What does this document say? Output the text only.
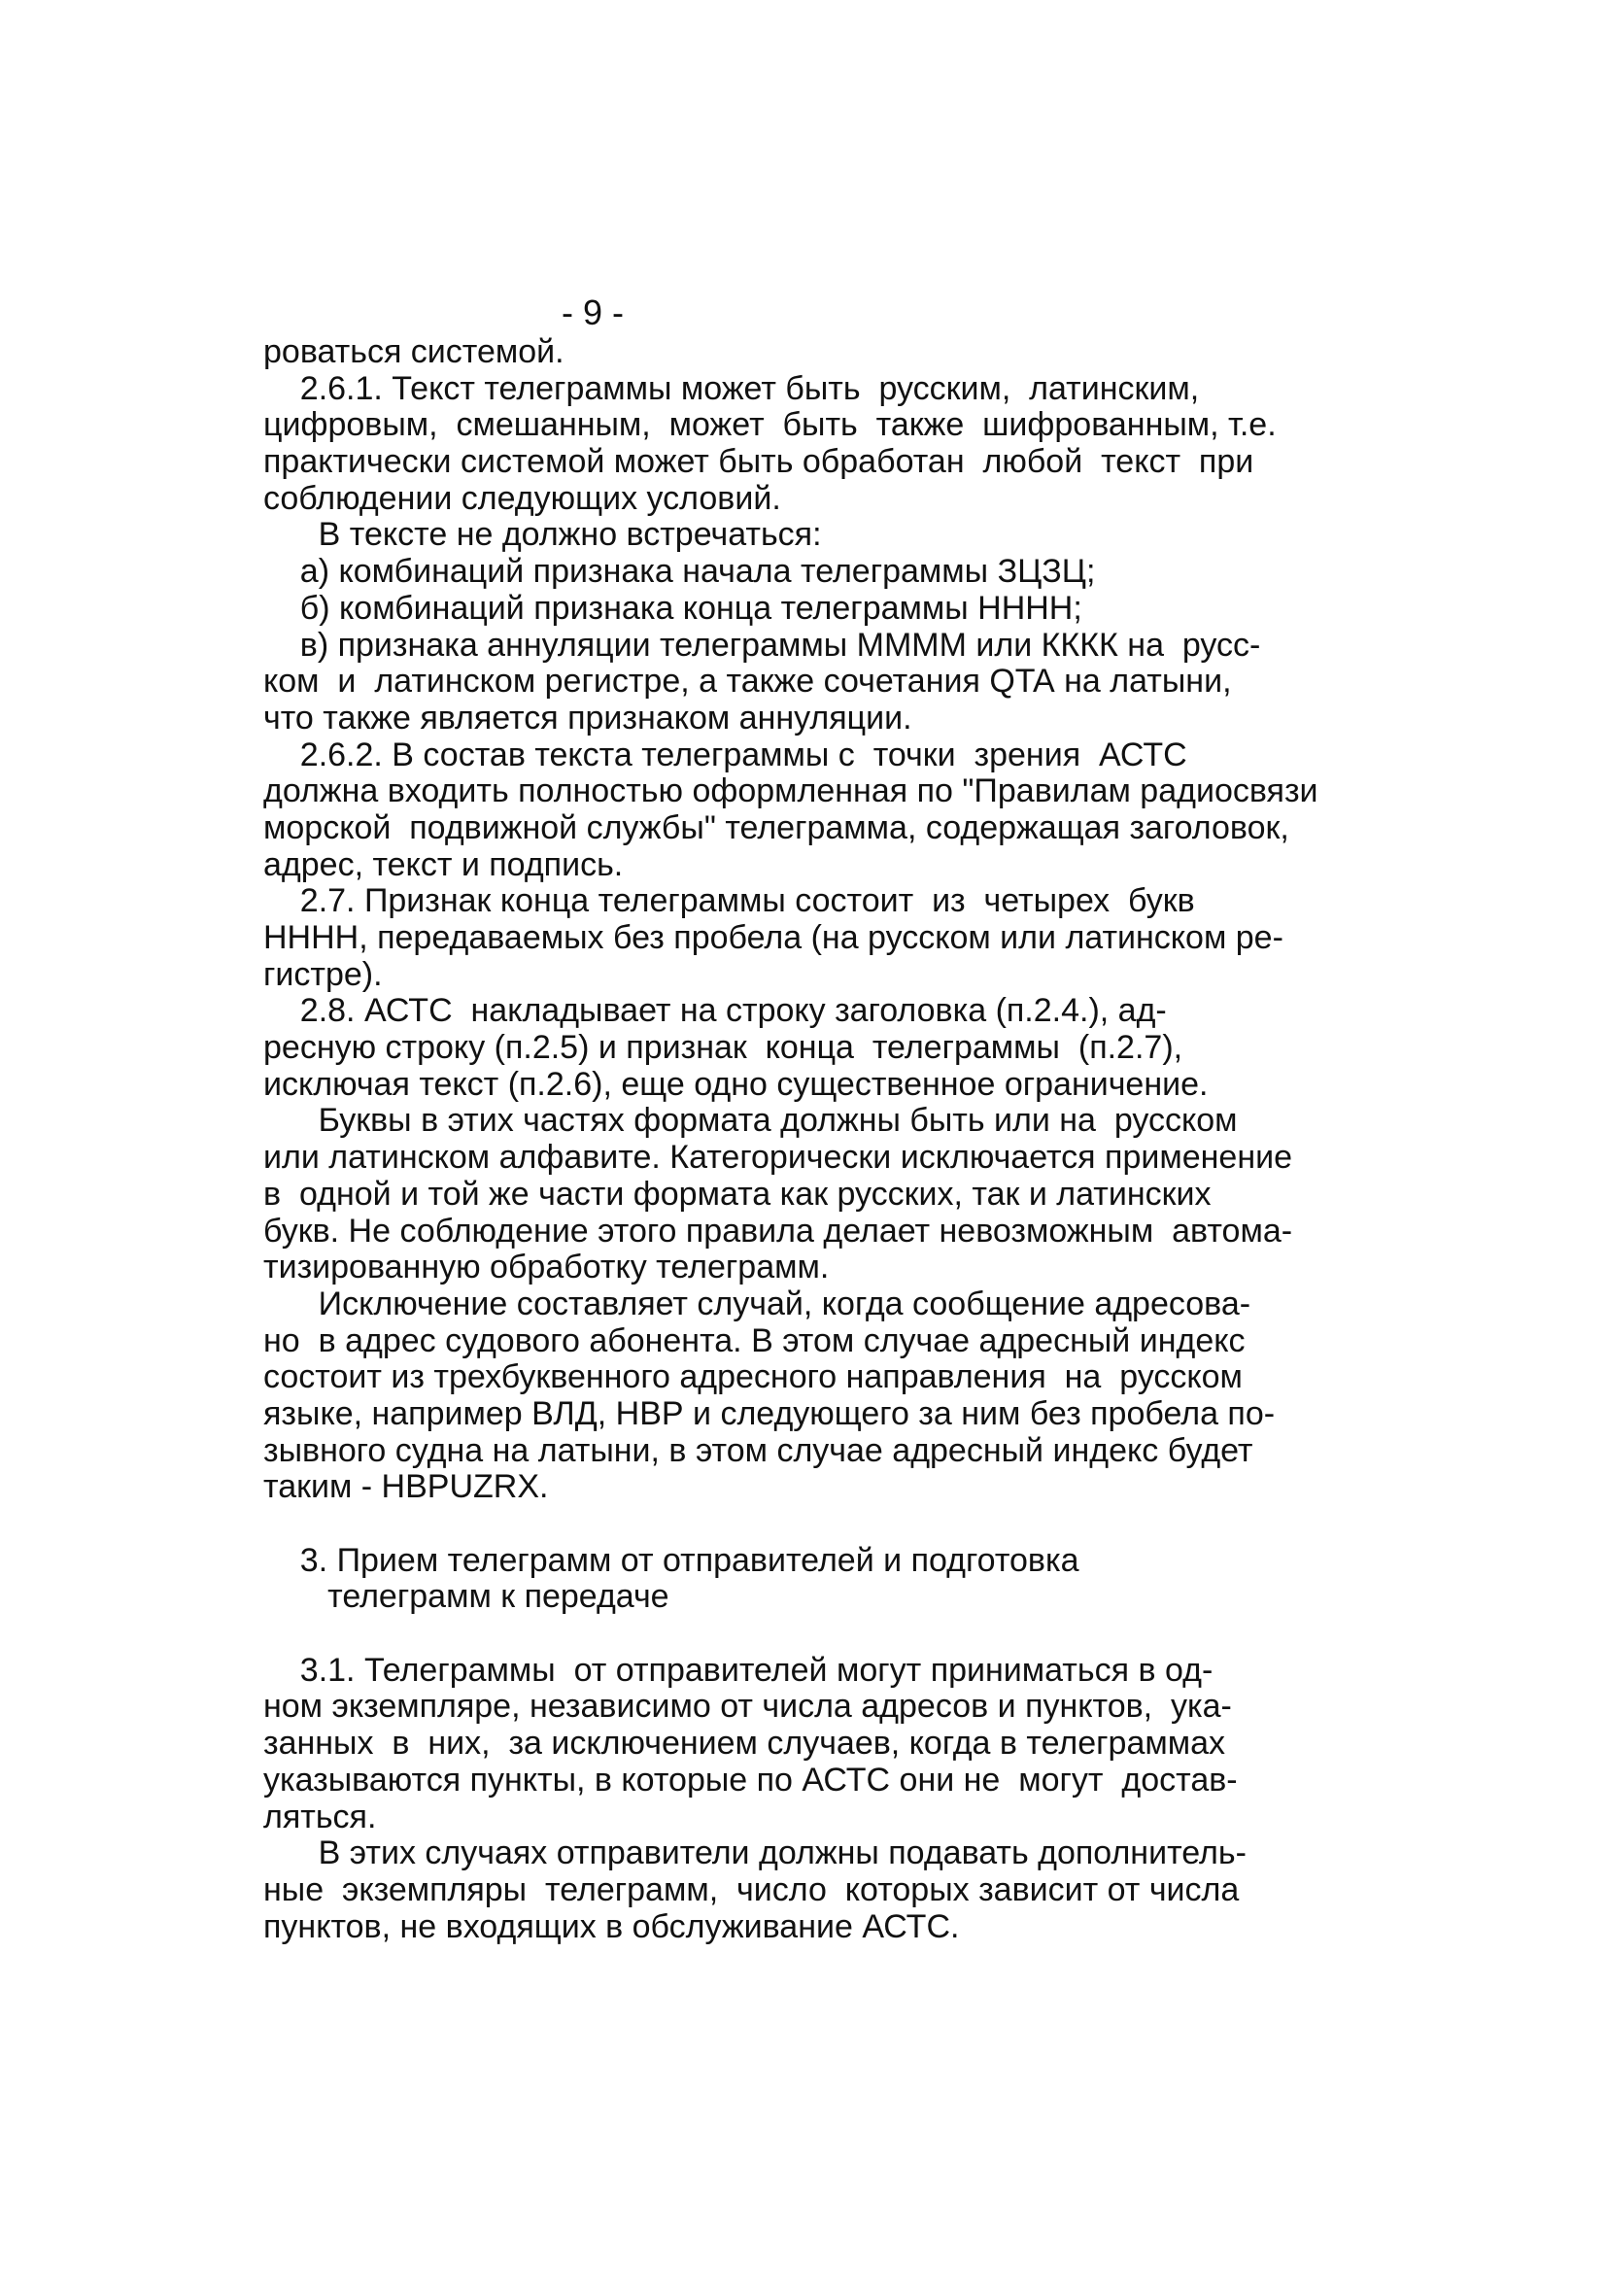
- 9 -
роваться системой.
2.6.1. Текст телеграммы может быть  русским,  латинским,
цифровым,  смешанным,  может  быть  также  шифрованным, т.е.
практически системой может быть обработан  любой  текст  при
соблюдении следующих условий.
В тексте не должно встречаться:
а) комбинаций признака начала телеграммы ЗЦЗЦ;
б) комбинаций признака конца телеграммы НННН;
в) признака аннуляции телеграммы ММММ или КККК на  русс-
ком  и  латинском регистре, а также сочетания QTA на латыни,
что также является признаком аннуляции.
2.6.2. В состав текста телеграммы с  точки  зрения  АСТС
должна входить полностью оформленная по "Правилам радиосвязи
морской  подвижной службы" телеграмма, содержащая заголовок,
адрес, текст и подпись.
2.7. Признак конца телеграммы состоит  из  четырех  букв
НННН, передаваемых без пробела (на русском или латинском ре-
гистре).
2.8. АСТС  накладывает на строку заголовка (п.2.4.), ад-
ресную строку (п.2.5) и признак  конца  телеграммы  (п.2.7),
исключая текст (п.2.6), еще одно существенное ограничение.
Буквы в этих частях формата должны быть или на  русском
или латинском алфавите. Категорически исключается применение
в  одной и той же части формата как русских, так и латинских
букв. Не соблюдение этого правила делает невозможным  автома-
тизированную обработку телеграмм.
Исключение составляет случай, когда сообщение адресова-
но  в адрес судового абонента. В этом случае адресный индекс
состоит из трехбуквенного адресного направления  на  русском
языке, например ВЛД, НВР и следующего за ним без пробела по-
зывного судна на латыни, в этом случае адресный индекс будет
таким - HBPUZRX.
3. Прием телеграмм от отправителей и подготовка
телеграмм к передаче
3.1. Телеграммы  от отправителей могут приниматься в од-
ном экземпляре, независимо от числа адресов и пунктов,  ука-
занных  в  них,  за исключением случаев, когда в телеграммах
указываются пункты, в которые по АСТС они не  могут  достав-
ляться.
В этих случаях отправители должны подавать дополнитель-
ные  экземпляры  телеграмм,  число  которых зависит от числа
пунктов, не входящих в обслуживание АСТС.
